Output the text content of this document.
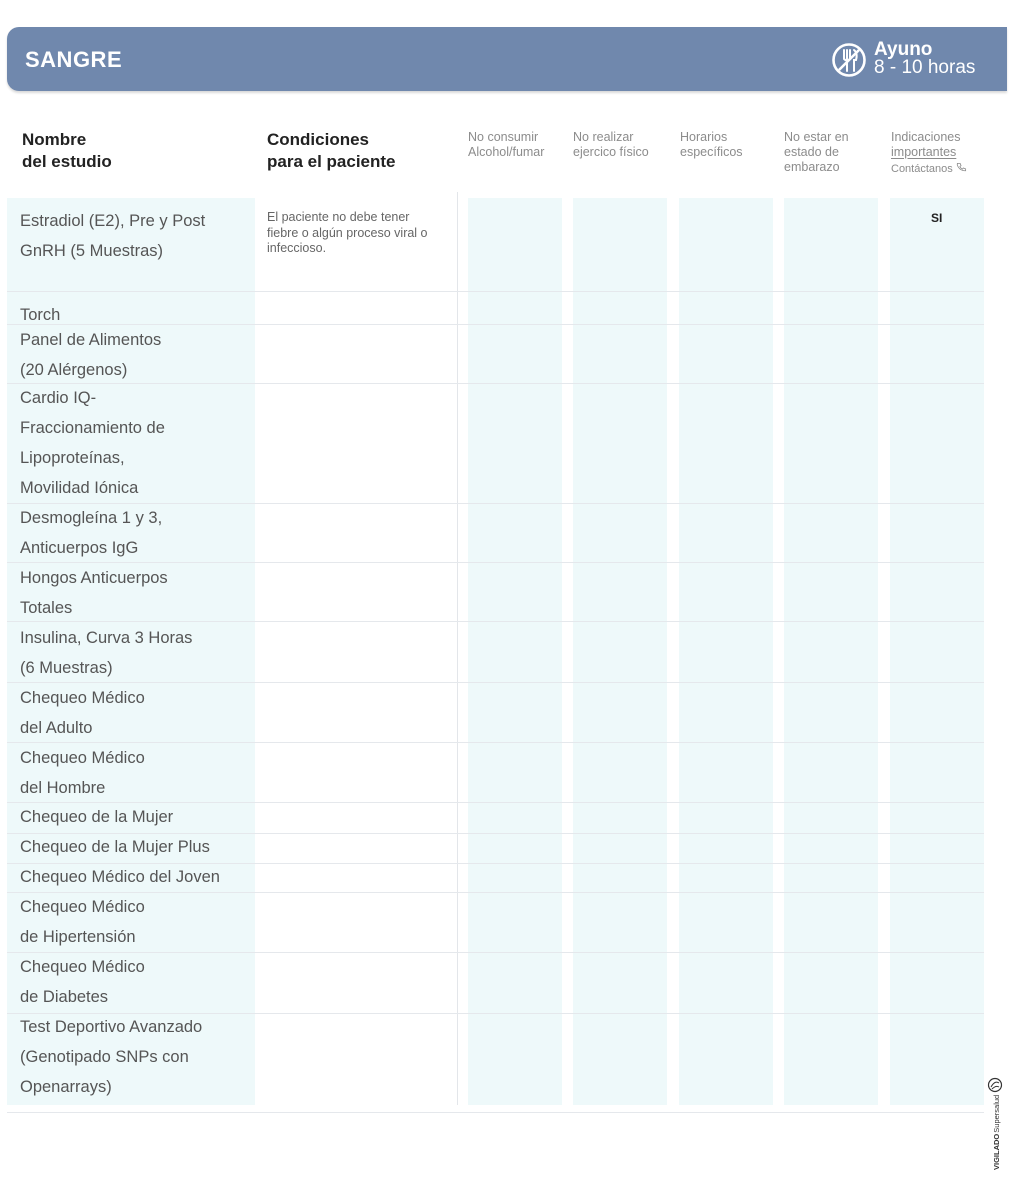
SANGRE	Ayuno
8 - 10 horas
Nombre
del estudio
Condiciones
para el paciente
No consumir
Alcohol/fumar
No realizar
ejercico físico
Horarios
específicos
No estar en
estado de
embarazo
Indicaciones
importantes
Contáctanos
Estradiol (E2), Pre y Post
GnRH (5 Muestras)
El paciente no debe tener fiebre o algún proceso viral o infeccioso.
SI
Torch
Panel de Alimentos
(20 Alérgenos)
Cardio IQ-
Fraccionamiento de
Lipoproteínas,
Movilidad Iónica
Desmogleína 1 y 3,
Anticuerpos IgG
Hongos Anticuerpos
Totales
Insulina, Curva 3 Horas
(6 Muestras)
Chequeo Médico
del Adulto
Chequeo Médico
del Hombre
Chequeo de la Mujer
Chequeo de la Mujer Plus
Chequeo Médico del Joven
Chequeo Médico
de Hipertensión
Chequeo Médico
de Diabetes
Test Deportivo Avanzado
(Genotipado SNPs con
Openarrays)
VIGILADOSupersalud
